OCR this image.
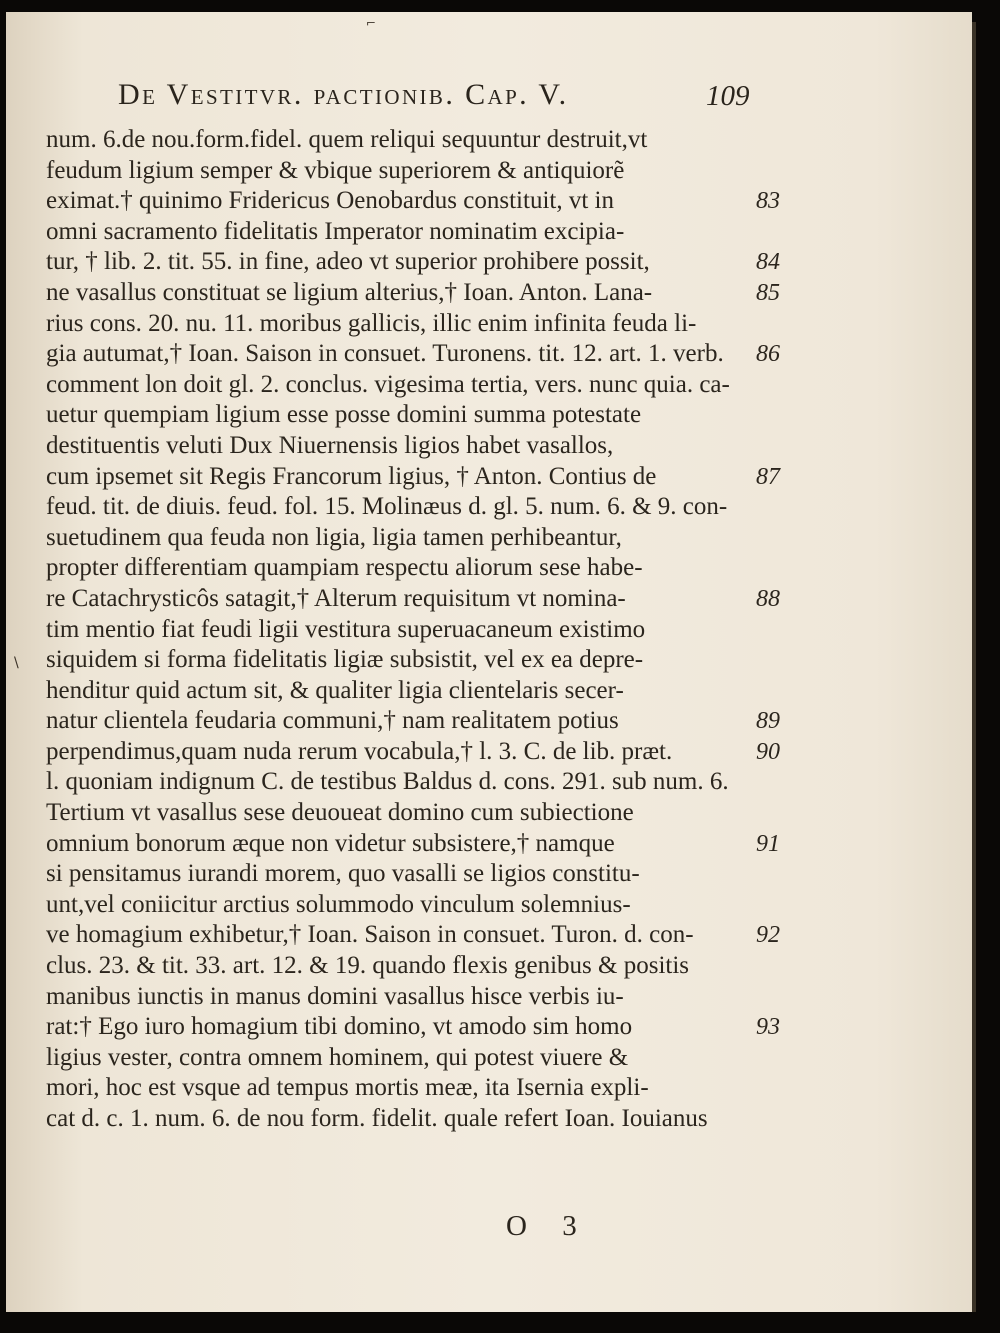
⌐
De Vestitvr. pactionib. Cap. V.	109
num. 6.de nou.form.fidel. quem reliqui sequuntur destruit,vt
feudum ligium semper & vbique superiorem & antiquiorẽ
eximat.† quinimo Fridericus Oenobardus constituit, vt in	83
omni sacramento fidelitatis Imperator nominatim excipia-
tur, † lib. 2. tit. 55. in fine, adeo vt superior prohibere possit,	84
ne vasallus constituat se ligium alterius,† Ioan. Anton. Lana-	85
rius cons. 20. nu. 11. moribus gallicis, illic enim infinita feuda li-
gia autumat,† Ioan. Saison in consuet. Turonens. tit. 12. art. 1. verb. 86
comment lon doit gl. 2. conclus. vigesima tertia, vers. nunc quia. ca-
uetur quempiam ligium esse posse domini summa potestate
destituentis veluti Dux Niuernensis ligios habet vasallos,
cum ipsemet sit Regis Francorum ligius, † Anton. Contius de	87
feud. tit. de diuis. feud. fol. 15. Molinæus d. gl. 5. num. 6. & 9. con-
suetudinem qua feuda non ligia, ligia tamen perhibeantur,
propter differentiam quampiam respectu aliorum sese habe-
re Catachrysticôs satagit,† Alterum requisitum vt nomina-	88
tim mentio fiat feudi ligii vestitura superuacaneum existimo
siquidem si forma fidelitatis ligiæ subsistit, vel ex ea depre-
henditur quid actum sit, & qualiter ligia clientelaris secer-
natur clientela feudaria communi,† nam realitatem potius	89
perpendimus,quam nuda rerum vocabula,† l. 3. C. de lib. præt.	90
l. quoniam indignum C. de testibus Baldus d. cons. 291. sub num. 6.
Tertium vt vasallus sese deuoueat domino cum subiectione
omnium bonorum æque non videtur subsistere,† namque	91
si pensitamus iurandi morem, quo vasalli se ligios constitu-
unt,vel coniicitur arctius solummodo vinculum solemnius-
ve homagium exhibetur,† Ioan. Saison in consuet. Turon. d. con-	92
clus. 23. & tit. 33. art. 12. & 19. quando flexis genibus & positis
manibus iunctis in manus domini vasallus hisce verbis iu-
rat:† Ego iuro homagium tibi domino, vt amodo sim homo	93
ligius vester, contra omnem hominem, qui potest viuere &
mori, hoc est vsque ad tempus mortis meæ, ita Isernia expli-
cat d. c. 1. num. 6. de nou form. fidelit. quale refert Ioan. Iouianus
O 3
\
